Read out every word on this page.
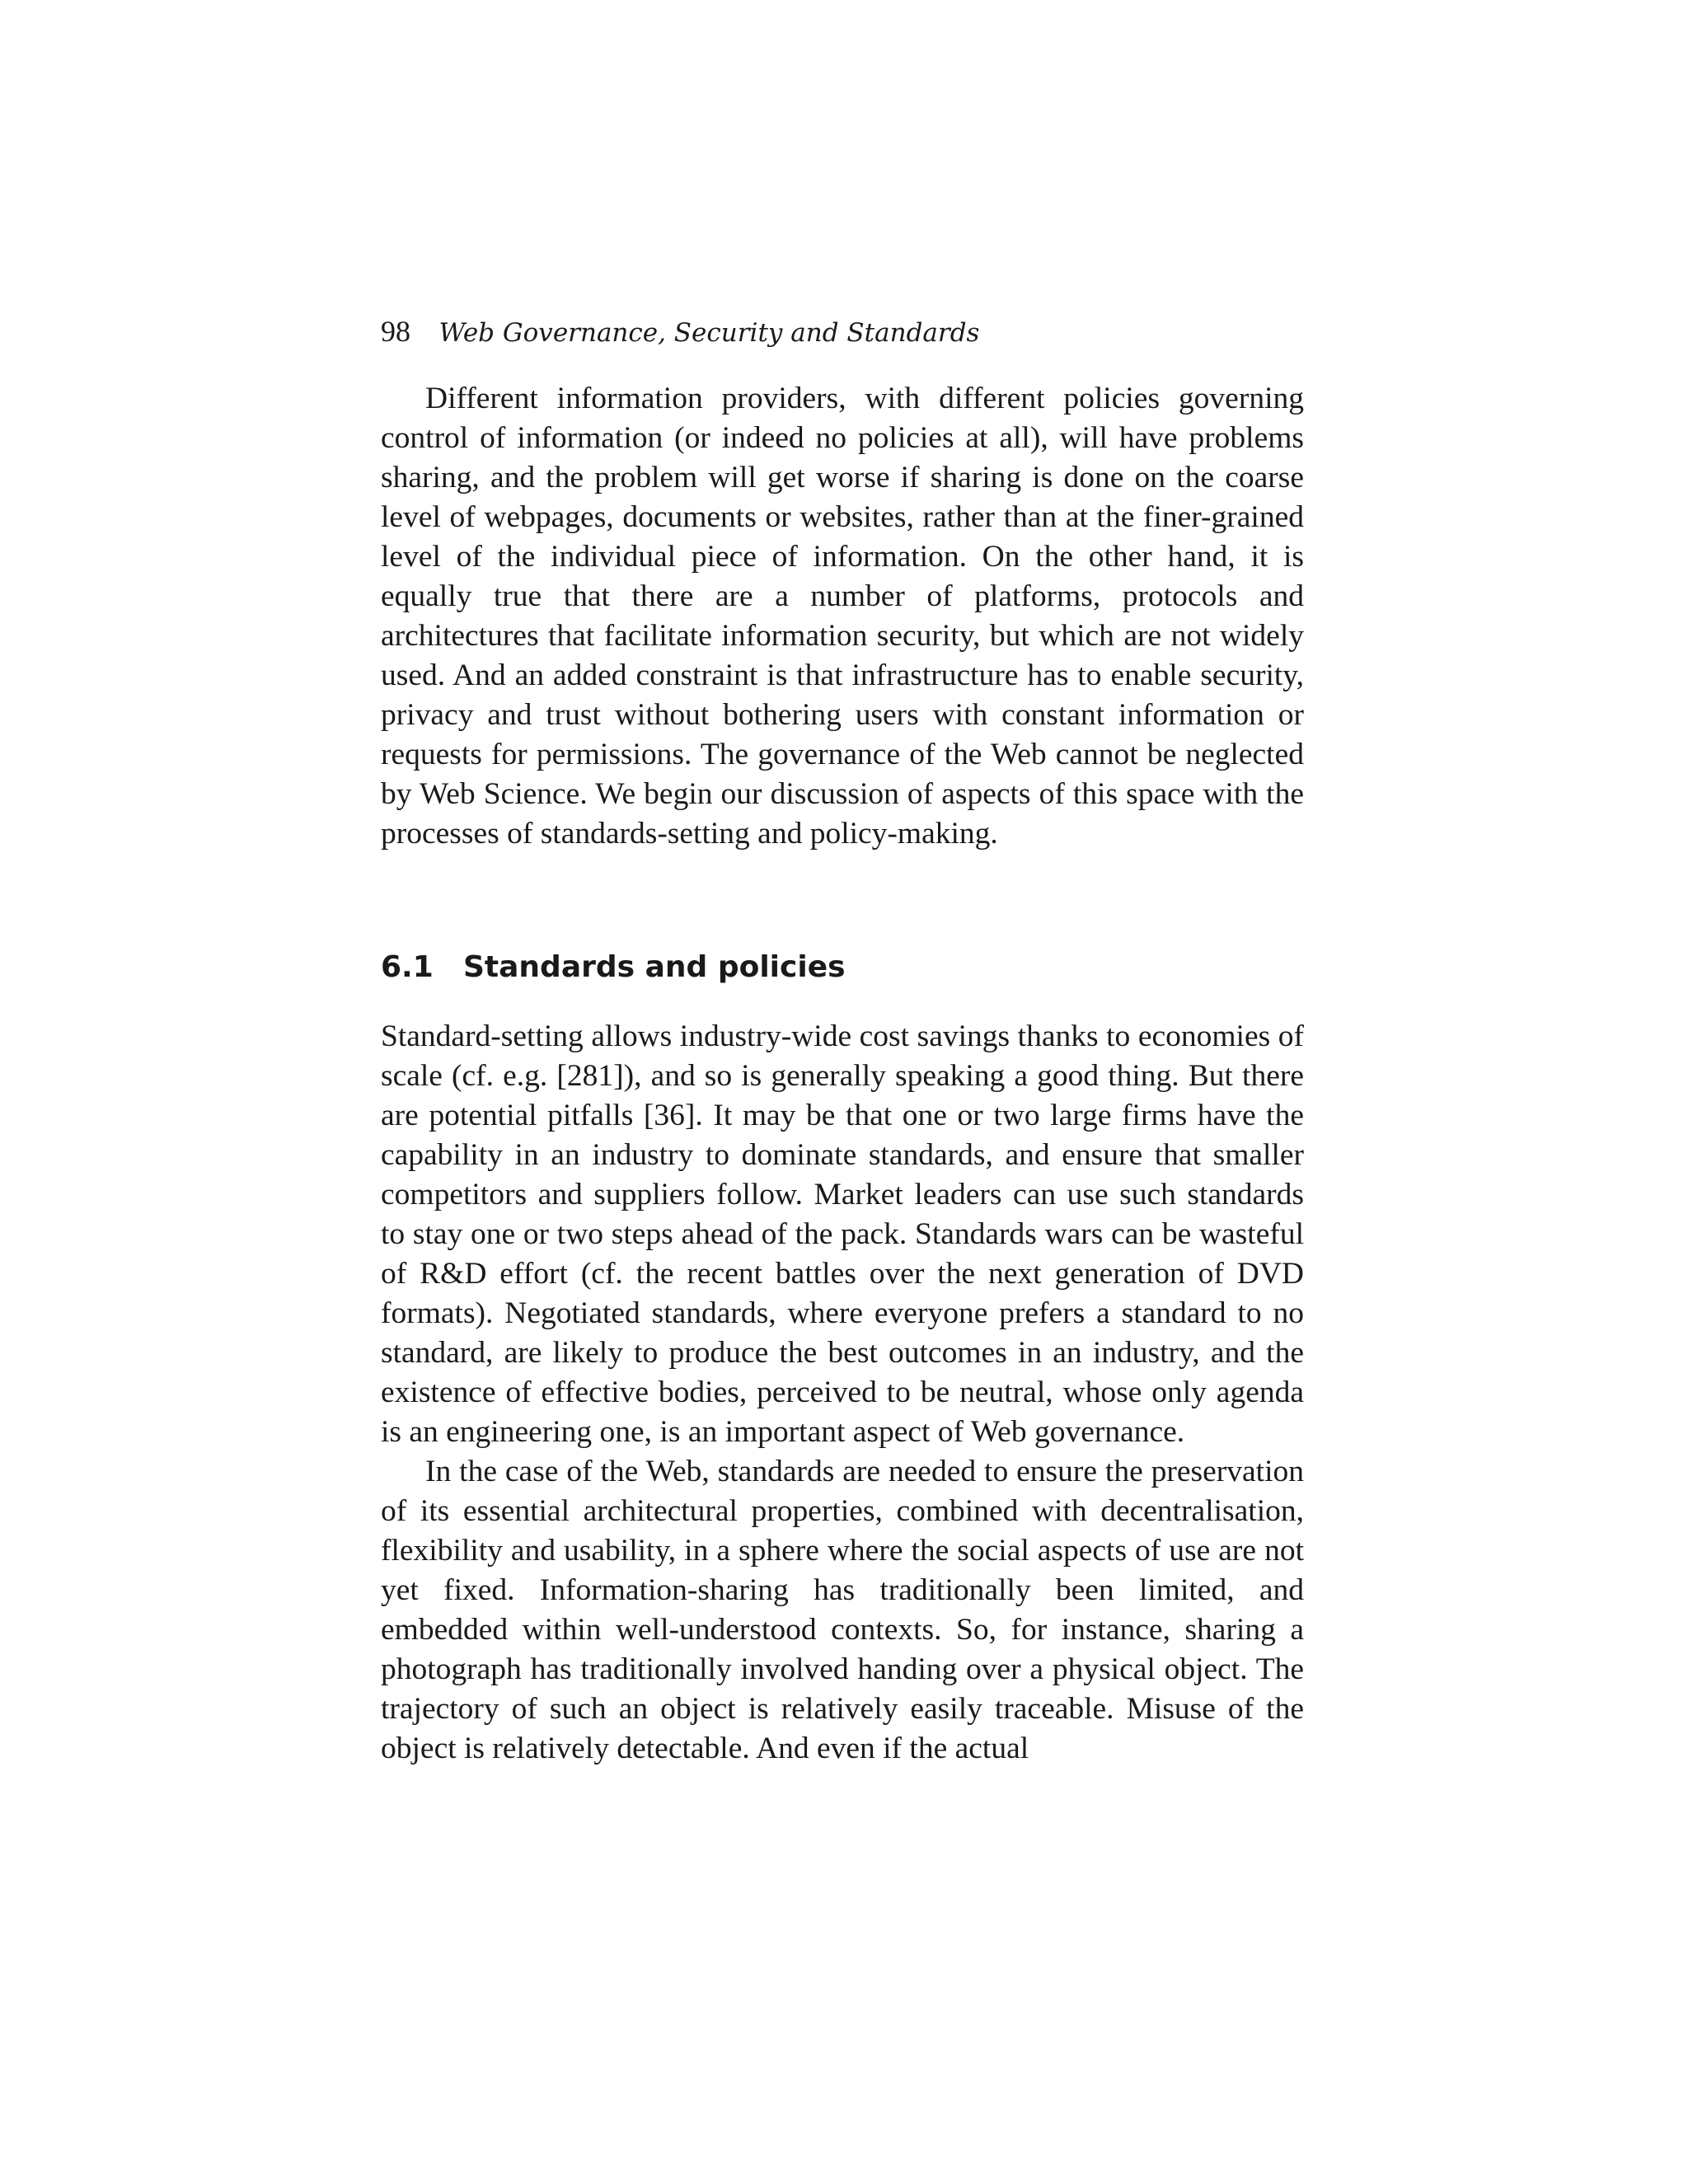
98 Web Governance, Security and Standards

Different information providers, with different policies governing control of information (or indeed no policies at all), will have problems sharing, and the problem will get worse if sharing is done on the coarse level of webpages, documents or websites, rather than at the finer-grained level of the individual piece of information. On the other hand, it is equally true that there are a number of platforms, protocols and architectures that facilitate information security, but which are not widely used. And an added constraint is that infrastructure has to enable security, privacy and trust without bothering users with constant information or requests for permissions. The governance of the Web cannot be neglected by Web Science. We begin our discussion of aspects of this space with the processes of standards-setting and policy-making.

6.1 Standards and policies

Standard-setting allows industry-wide cost savings thanks to economies of scale (cf. e.g. [281]), and so is generally speaking a good thing. But there are potential pitfalls [36]. It may be that one or two large firms have the capability in an industry to dominate standards, and ensure that smaller competitors and suppliers follow. Market leaders can use such standards to stay one or two steps ahead of the pack. Standards wars can be wasteful of R&D effort (cf. the recent battles over the next generation of DVD formats). Negotiated standards, where everyone prefers a standard to no standard, are likely to produce the best outcomes in an industry, and the existence of effective bodies, perceived to be neutral, whose only agenda is an engineering one, is an important aspect of Web governance.

In the case of the Web, standards are needed to ensure the preservation of its essential architectural properties, combined with decentralisation, flexibility and usability, in a sphere where the social aspects of use are not yet fixed. Information-sharing has traditionally been limited, and embedded within well-understood contexts. So, for instance, sharing a photograph has traditionally involved handing over a physical object. The trajectory of such an object is relatively easily traceable. Misuse of the object is relatively detectable. And even if the actual
